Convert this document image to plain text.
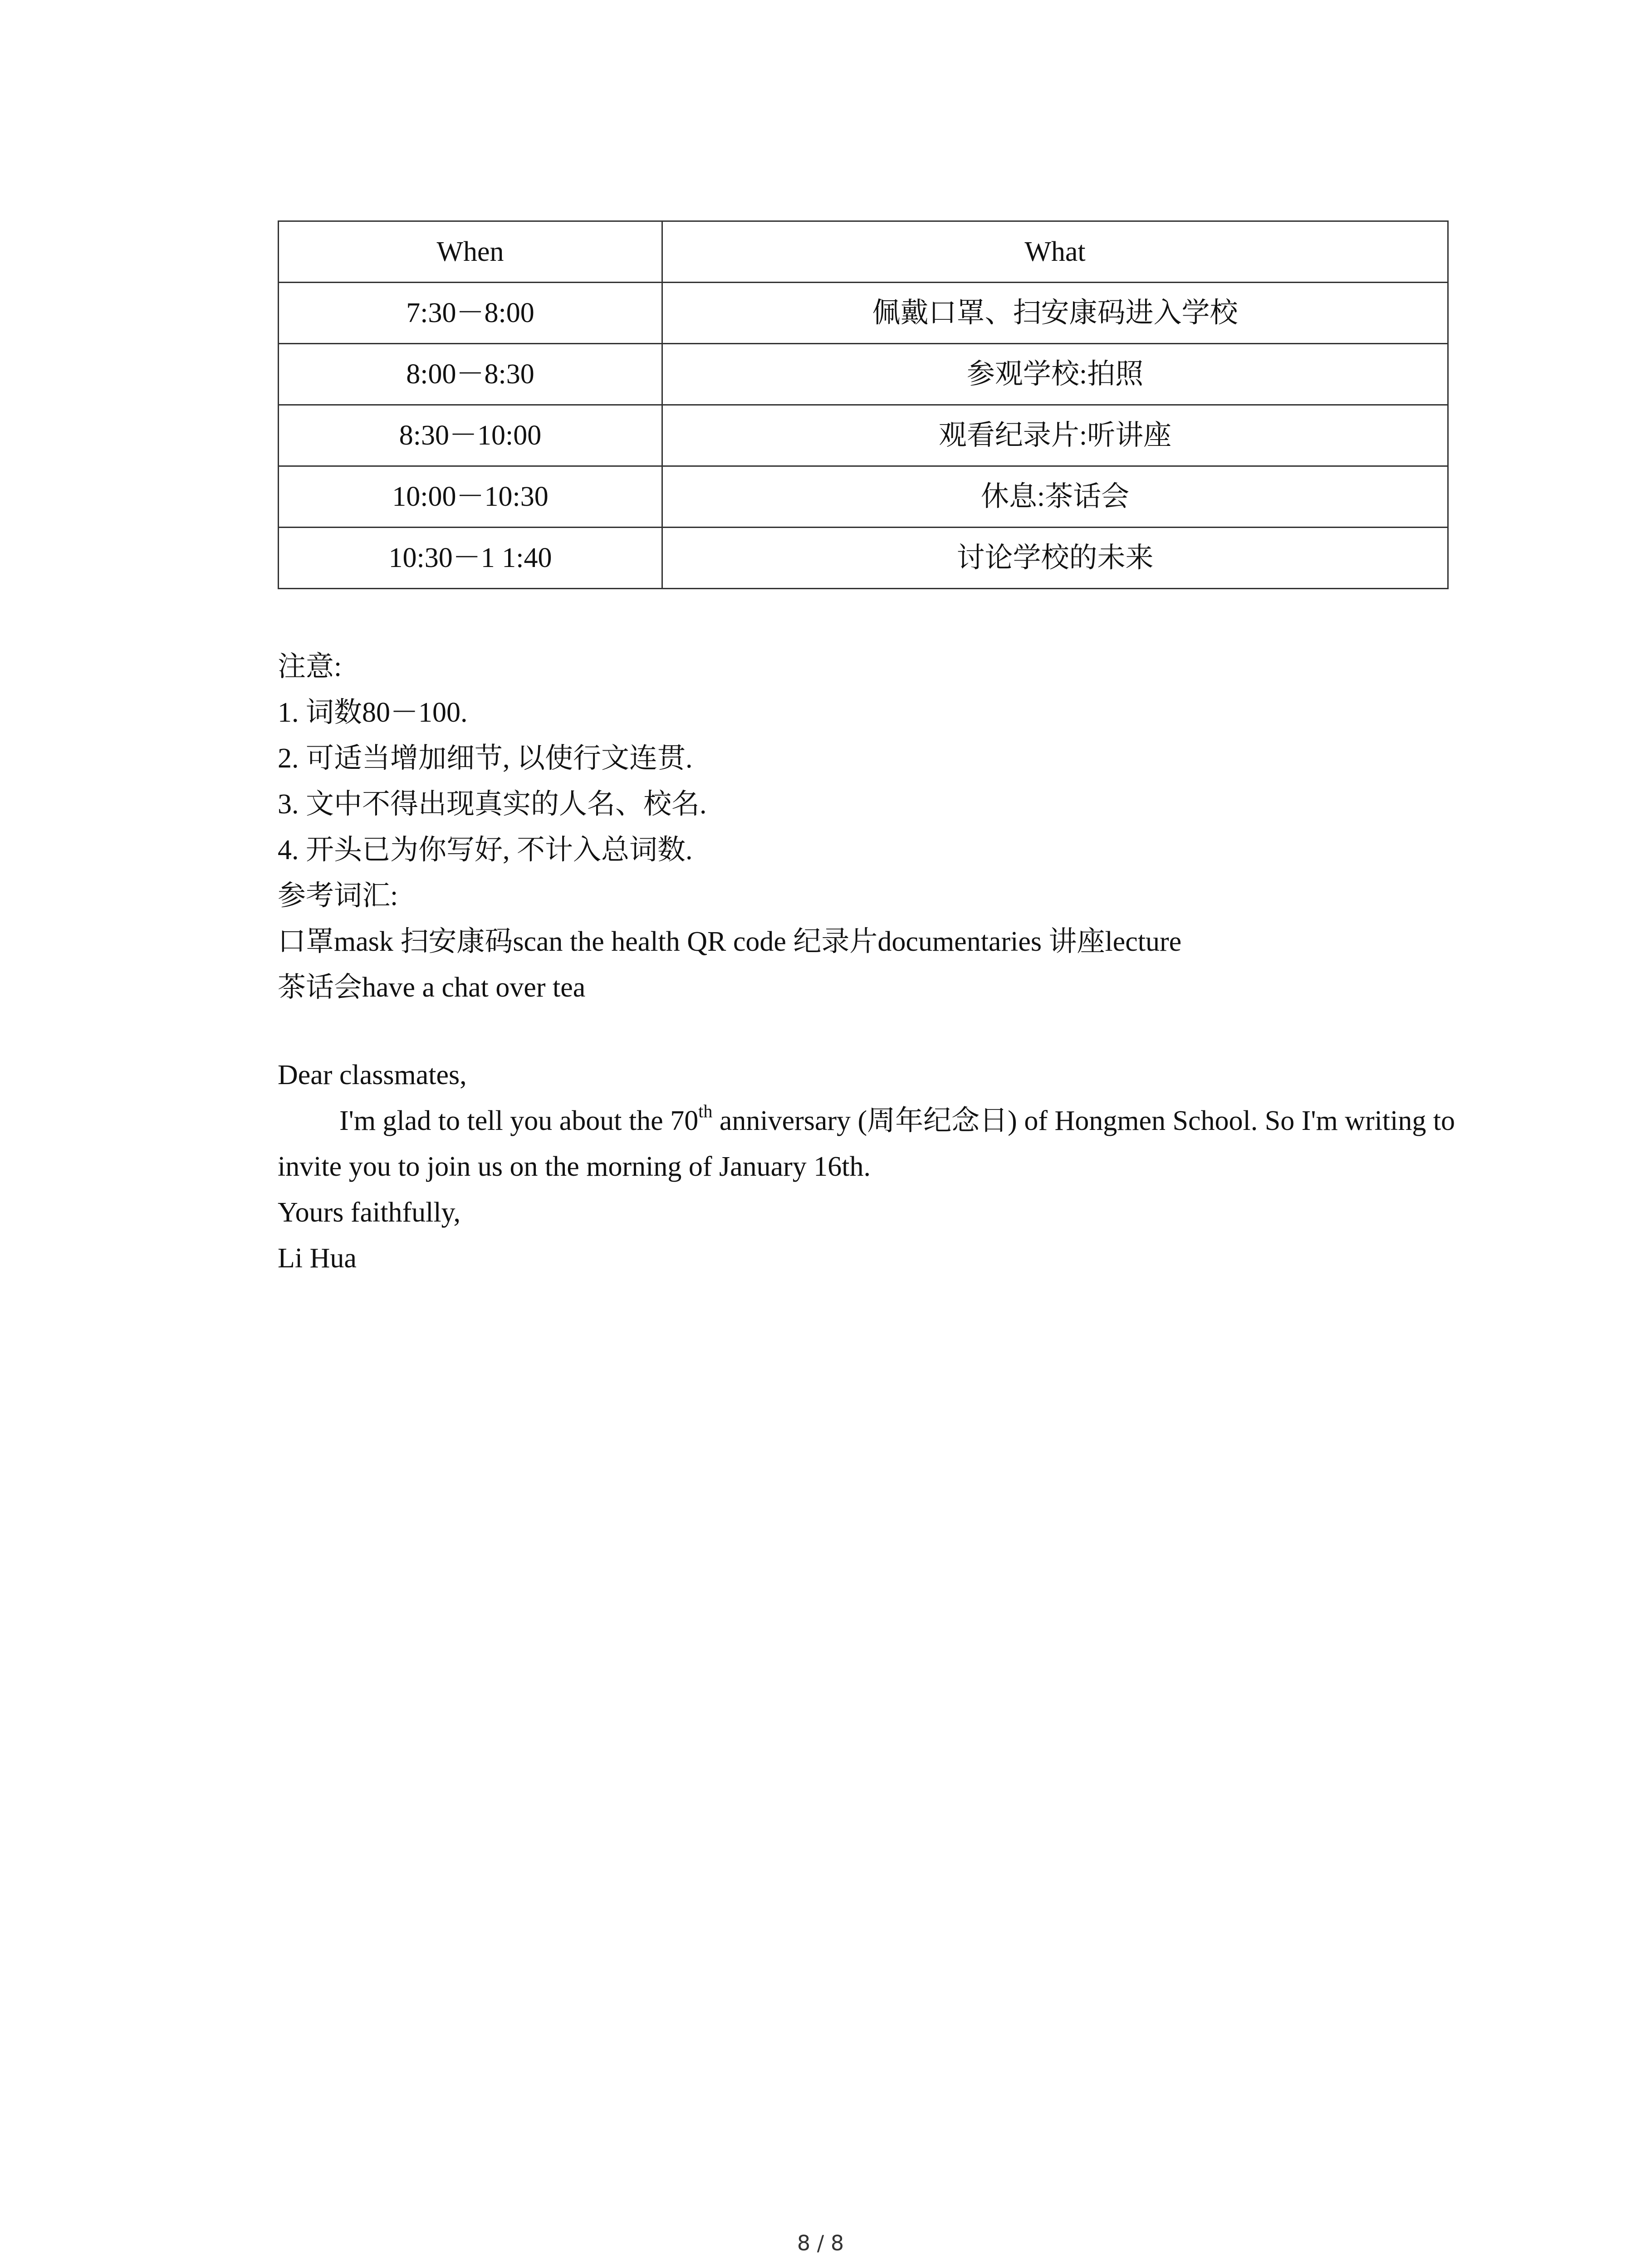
When	What
7:30－8:00	佩戴口罩、扫安康码进入学校
8:00－8:30	参观学校:拍照
8:30－10:00	观看纪录片:听讲座
10:00－10:30	休息:茶话会
10:30－1 1:40	讨论学校的未来
注意:
1. 词数80－100.
2. 可适当增加细节, 以使行文连贯.
3. 文中不得出现真实的人名、校名.
4. 开头已为你写好, 不计入总词数.
参考词汇:
口罩mask 扫安康码scan the health QR code 纪录片documentaries 讲座lecture
茶话会have a chat over tea

Dear classmates,

I'm glad to tell you about the 70th anniversary (周年纪念日) of Hongmen School. So I'm writing to invite you to join us on the morning of January 16th.

Yours faithfully,

Li Hua

8 / 8
